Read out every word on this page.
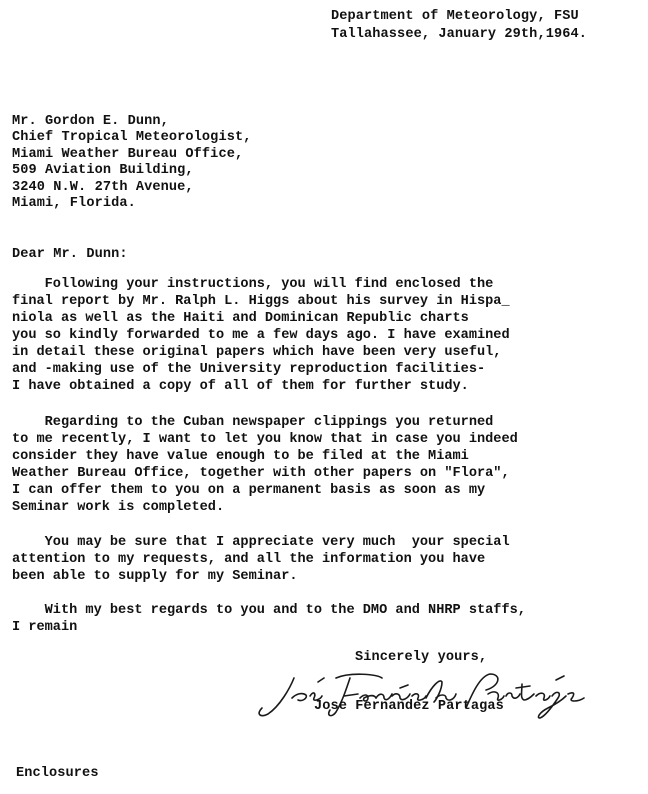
Department of Meteorology, FSU
Tallahassee, January 29th,1964.
Mr. Gordon E. Dunn,
Chief Tropical Meteorologist,
Miami Weather Bureau Office,
509 Aviation Building,
3240 N.W. 27th Avenue,
Miami, Florida.
Dear Mr. Dunn:
Following your instructions, you will find enclosed the
final report by Mr. Ralph L. Higgs about his survey in Hispa_
niola as well as the Haiti and Dominican Republic charts
you so kindly forwarded to me a few days ago. I have examined
in detail these original papers which have been very useful,
and -making use of the University reproduction facilities-
I have obtained a copy of all of them for further study.
Regarding to the Cuban newspaper clippings you returned
to me recently, I want to let you know that in case you indeed
consider they have value enough to be filed at the Miami
Weather Bureau Office, together with other papers on "Flora",
I can offer them to you on a permanent basis as soon as my
Seminar work is completed.
You may be sure that I appreciate very much  your special
attention to my requests, and all the information you have
been able to supply for my Seminar.
With my best regards to you and to the DMO and NHRP staffs,
I remain
Sincerely yours,
Jose Fernandez Partagas
Enclosures
